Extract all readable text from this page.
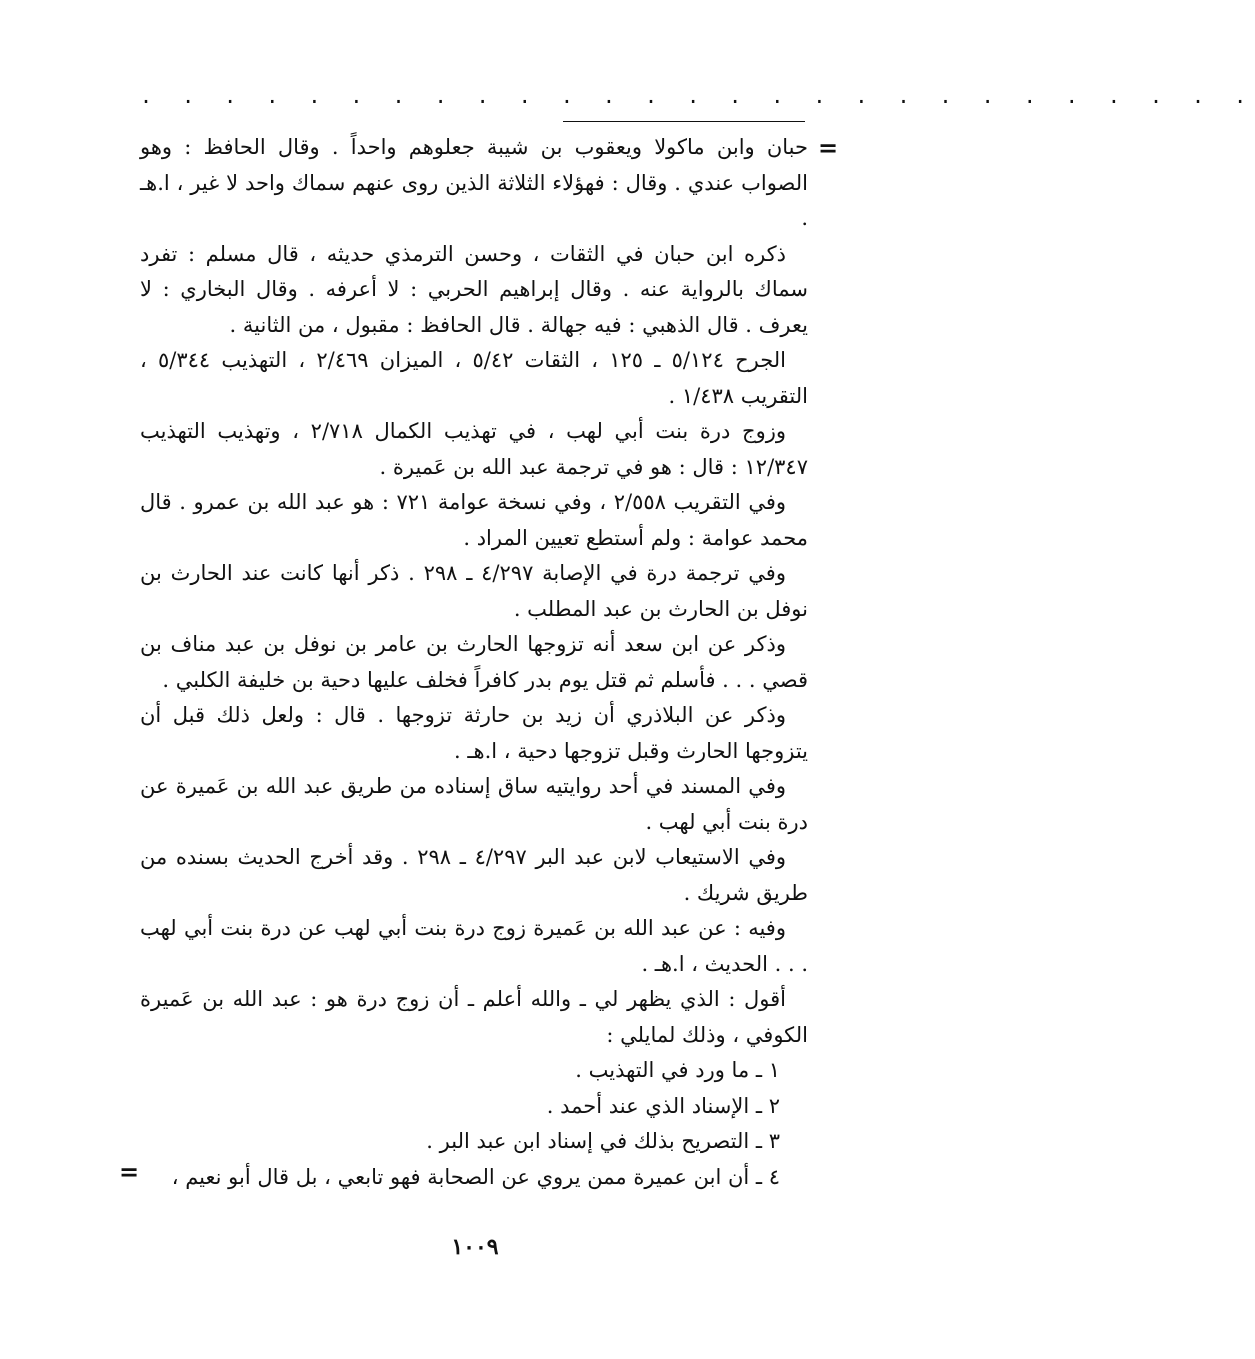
. . . . . . . . . . . . . . . . . . . . . . . . . . .
=

حبان وابن ماكولا ويعقوب بن شيبة جعلوهم واحداً . وقال الحافظ : وهو الصواب عندي . وقال : فهؤلاء الثلاثة الذين روى عنهم سماك واحد لا غير ، ا.هـ .

ذكره ابن حبان في الثقات ، وحسن الترمذي حديثه ، قال مسلم : تفرد سماك بالرواية عنه . وقال إبراهيم الحربي : لا أعرفه . وقال البخاري : لا يعرف . قال الذهبي : فيه جهالة . قال الحافظ : مقبول ، من الثانية .

الجرح ٥/١٢٤ ـ ١٢٥ ، الثقات ٥/٤٢ ، الميزان ٢/٤٦٩ ، التهذيب ٥/٣٤٤ ، التقريب ١/٤٣٨ .

وزوج درة بنت أبي لهب ، في تهذيب الكمال ٢/٧١٨ ، وتهذيب التهذيب ١٢/٣٤٧ : قال : هو في ترجمة عبد الله بن عَميرة .

وفي التقريب ٢/٥٥٨ ، وفي نسخة عوامة ٧٢١ : هو عبد الله بن عمرو . قال محمد عوامة : ولم أستطع تعيين المراد .

وفي ترجمة درة في الإصابة ٤/٢٩٧ ـ ٢٩٨ . ذكر أنها كانت عند الحارث بن نوفل بن الحارث بن عبد المطلب .

وذكر عن ابن سعد أنه تزوجها الحارث بن عامر بن نوفل بن عبد مناف بن قصي . . . فأسلم ثم قتل يوم بدر كافراً فخلف عليها دحية بن خليفة الكلبي .

وذكر عن البلاذري أن زيد بن حارثة تزوجها . قال : ولعل ذلك قبل أن يتزوجها الحارث وقبل تزوجها دحية ، ا.هـ .

وفي المسند في أحد روايتيه ساق إسناده من طريق عبد الله بن عَميرة عن درة بنت أبي لهب .

وفي الاستيعاب لابن عبد البر ٤/٢٩٧ ـ ٢٩٨ . وقد أخرج الحديث بسنده من طريق شريك .

وفيه : عن عبد الله بن عَميرة زوج درة بنت أبي لهب عن درة بنت أبي لهب . . . الحديث ، ا.هـ .

أقول : الذي يظهر لي ـ والله أعلم ـ أن زوج درة هو : عبد الله بن عَميرة الكوفي ، وذلك لمايلي :

١ ـ ما ورد في التهذيب .

٢ ـ الإسناد الذي عند أحمد .

٣ ـ التصريح بذلك في إسناد ابن عبد البر .

٤ ـ أن ابن عميرة ممن يروي عن الصحابة فهو تابعي ، بل قال أبو نعيم ،

=
١٠٠٩
